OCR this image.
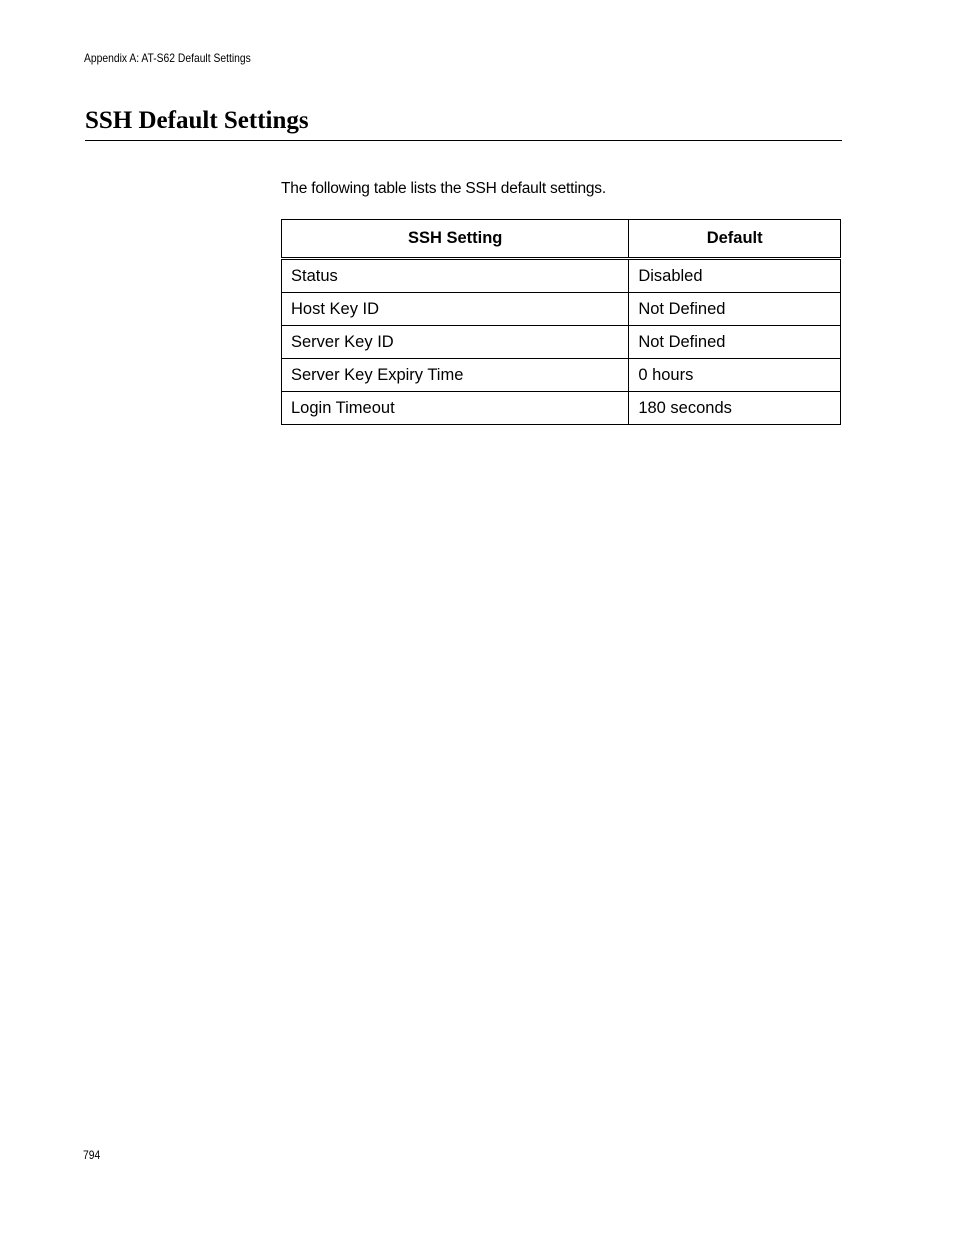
Appendix A: AT-S62 Default Settings
SSH Default Settings

The following table lists the SSH default settings.

SSH Setting	Default
Status	Disabled
Host Key ID	Not Defined
Server Key ID	Not Defined
Server Key Expiry Time	0 hours
Login Timeout	180 seconds
794
